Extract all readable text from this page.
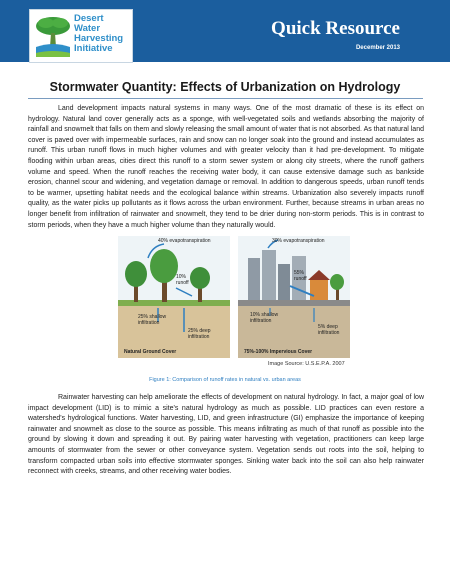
Desert
Water
Harvesting
Initiative
Quick Resource
December 2013
Stormwater Quantity: Effects of Urbanization on Hydrology

Land development impacts natural systems in many ways. One of the most dramatic of these is its effect on hydrology. Natural land cover generally acts as a sponge, with well-vegetated soils and wetlands absorbing the majority of rainfall and snowmelt that falls on them and slowly releasing the small amount of water that is not absorbed. As that natural land cover is paved over with impermeable surfaces, rain and snow can no longer soak into the ground and instead accumulates as runoff. This urban runoff flows in much higher volumes and with greater velocity than it had pre-development. To mitigate flooding within urban areas, cities direct this runoff to a storm sewer system or along city streets, where the runoff gathers volume and speed. When the runoff reaches the receiving water body, it can cause extensive damage such as bankside erosion, channel scour and widening, and vegetation damage or removal. In addition to dangerous speeds, urban runoff tends to be warmer, upsetting habitat needs and the ecological balance within streams. Urbanization also severely impacts runoff quality, as the water picks up pollutants as it flows across the urban environment. Further, because streams in urban areas no longer benefit from infiltration of rainwater and snowmelt, they tend to be drier during non-storm periods. This is in contrast to storm periods, when they have a much higher volume than they naturally would.

40% evapotranspiration
10%
runoff
25% shallow
infiltration
25% deep
infiltration
Natural Ground Cover
30% evapotranspiration
55%
runoff
10% shallow
infiltration
5% deep
infiltration
75%-100% Impervious Cover
Image Source: U.S.E.P.A. 2007
Figure 1: Comparison of runoff rates in natural vs. urban areas

Rainwater harvesting can help ameliorate the effects of development on natural hydrology. In fact, a major goal of low impact development (LID) is to mimic a site's natural hydrology as much as possible. LID practices can even restore a watershed's hydrological functions. Water harvesting, LID, and green infrastructure (GI) emphasize the importance of keeping rainwater and snowmelt as close to the source as possible. This means infiltrating as much of that runoff as possible into the ground by slowing it down and spreading it out. By pairing water harvesting with vegetation, practitioners can keep large amounts of stormwater from the sewer or other conveyance system. Vegetation sends out roots into the soil, helping to transform compacted urban soils into effective stormwater sponges. Sinking water back into the soil can also help rainwater reconnect with creeks, streams, and other receiving water bodies.
